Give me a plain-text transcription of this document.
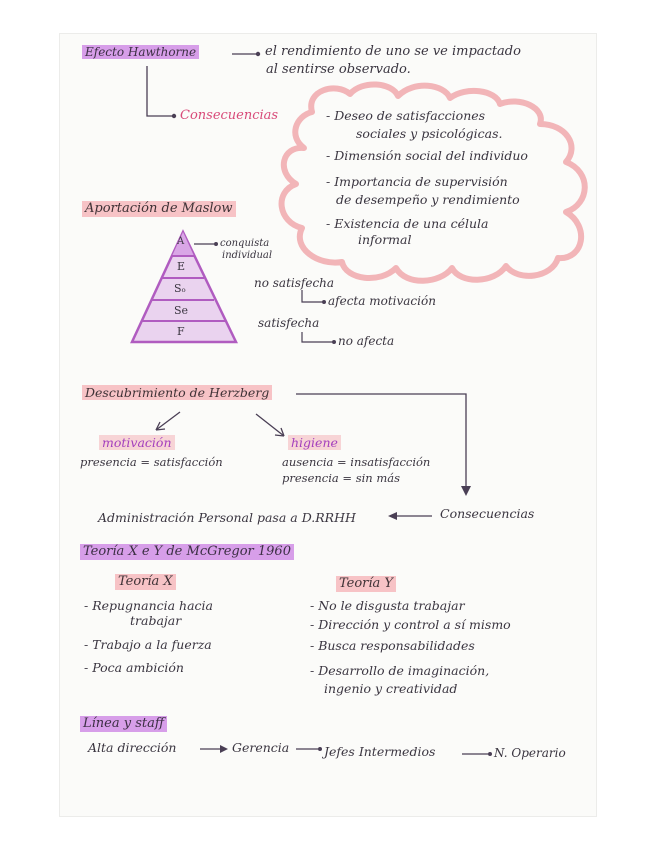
Efecto Hawthorne	el rendimiento de uno se ve impactado
al sentirse observado.
Consecuencias	- Deseo de satisfacciones
sociales y psicológicas.
- Dimensión social del individuo
- Importancia de supervisión
de desempeño y rendimiento
- Existencia de una célula
informal
Aportación de Maslow
A
E
Sₒ
Se
F
conquista
individual
no satisfecha
afecta motivación
satisfecha
no afecta
Descubrimiento de Herzberg
motivación
presencia = satisfacción
higiene
ausencia = insatisfacción
presencia = sin más
Consecuencias
Administración Personal pasa a D.RRHH
Teoría X e Y de McGregor 1960
Teoría X
- Repugnancia hacia
trabajar
- Trabajo a la fuerza
- Poca ambición
Teoría Y
- No le disgusta trabajar
- Dirección y control a sí mismo
- Busca responsabilidades
- Desarrollo de imaginación,
ingenio y creatividad
Línea y staff
Alta dirección	Gerencia	Jefes Intermedios	N. Operario
